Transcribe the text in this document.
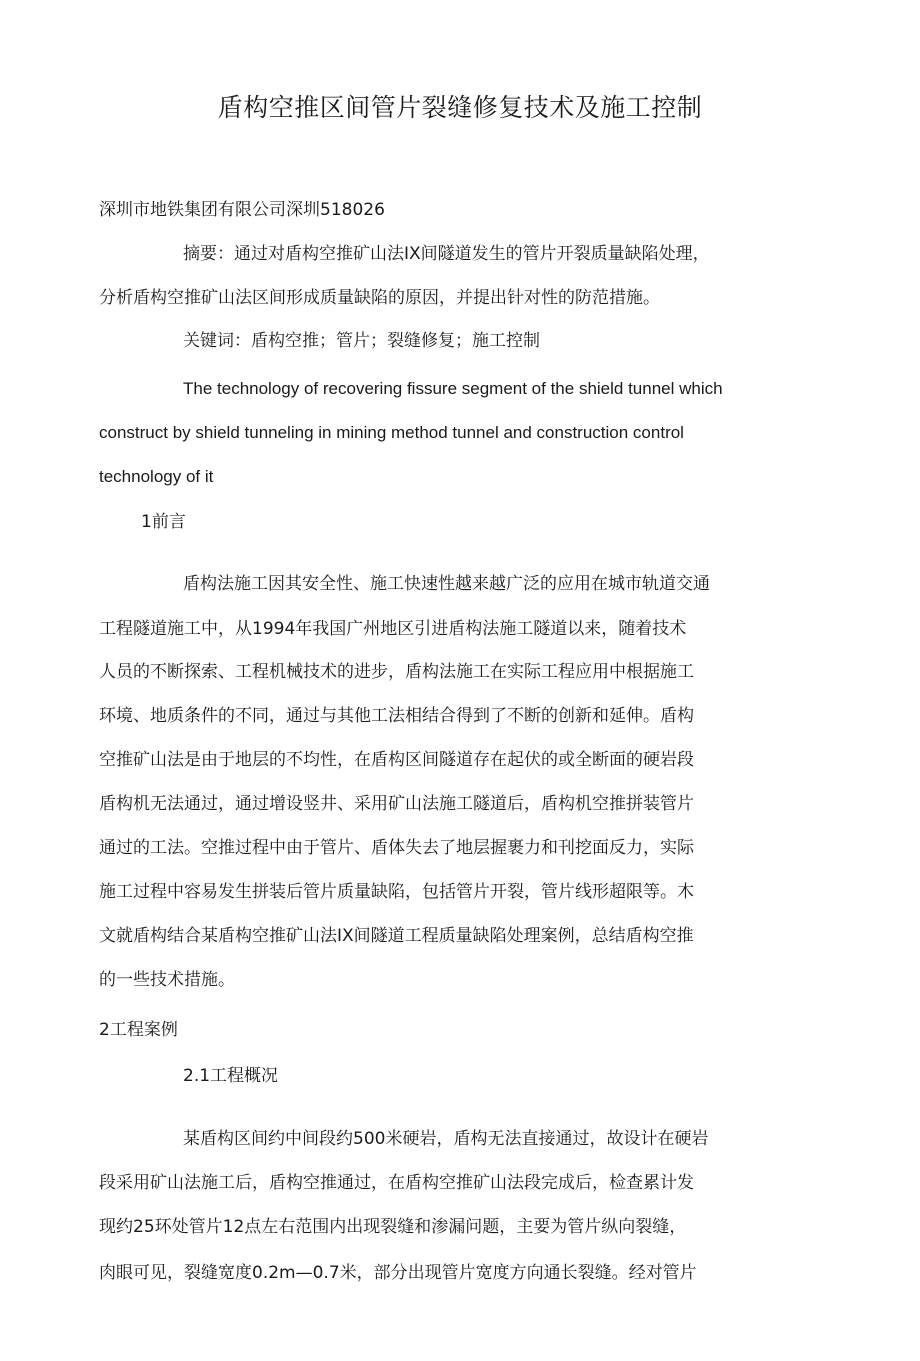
盾构空推区间管片裂缝修复技术及施工控制

深圳市地铁集团有限公司深圳518026

摘要：通过对盾构空推矿山法IX间隧道发生的管片开裂质量缺陷处理，

分析盾构空推矿山法区间形成质量缺陷的原因，并提出针对性的防范措施。

关键词：盾构空推；管片；裂缝修复；施工控制

The technology of recovering fissure segment of the shield tunnel which

construct by shield tunneling in mining method tunnel and construction control

technology of it

1前言

盾构法施工因其安全性、施工快速性越来越广泛的应用在城市轨道交通

工程隧道施工中，从1994年我国广州地区引进盾构法施工隧道以来，随着技术

人员的不断探索、工程机械技术的进步，盾构法施工在实际工程应用中根据施工

环境、地质条件的不同，通过与其他工法相结合得到了不断的创新和延伸。盾构

空推矿山法是由于地层的不均性，在盾构区间隧道存在起伏的或全断面的硬岩段

盾构机无法通过，通过增设竖井、采用矿山法施工隧道后，盾构机空推拼装管片

通过的工法。空推过程中由于管片、盾体失去了地层握裹力和刊挖面反力，实际

施工过程中容易发生拼装后管片质量缺陷，包括管片开裂，管片线形超限等。木

文就盾构结合某盾构空推矿山法IX间隧道工程质量缺陷处理案例，总结盾构空推

的一些技术措施。

2工程案例

2.1工程概况

某盾构区间约中间段约500米硬岩，盾构无法直接通过，故设计在硬岩

段采用矿山法施工后，盾构空推通过，在盾构空推矿山法段完成后，检查累计发

现约25环处管片12点左右范围内出现裂缝和渗漏问题，主要为管片纵向裂缝，

肉眼可见，裂缝宽度0.2m—0.7米，部分出现管片宽度方向通长裂缝。经对管片
